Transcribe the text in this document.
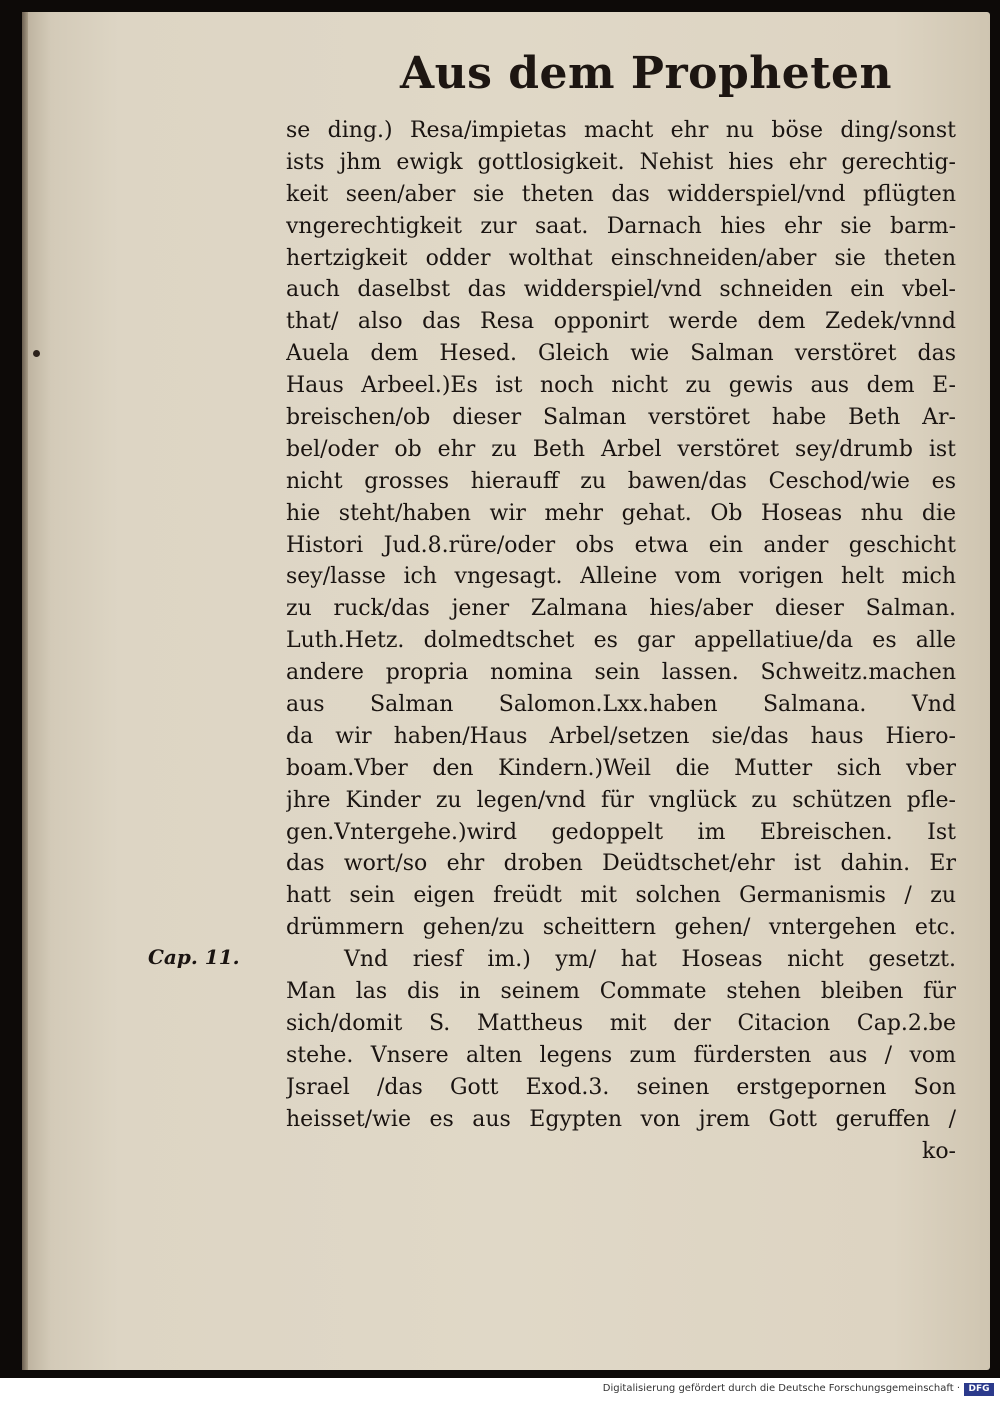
Aus dem Propheten
Cap. 11.
se ding.) Resa/impietas macht ehr nu böse ding/sonst
ists jhm ewigk gottlosigkeit. Nehist hies ehr gerechtig-
keit seen/aber sie theten das widderspiel/vnd pflügten
vngerechtigkeit zur saat. Darnach hies ehr sie barm-
hertzigkeit odder wolthat einschneiden/aber sie theten
auch daselbst das widderspiel/vnd schneiden ein vbel-
that/ also das Resa opponirt werde dem Zedek/vnnd
Auela dem Hesed. Gleich wie Salman verstöret das
Haus Arbeel.)Es ist noch nicht zu gewis aus dem E-
breischen/ob dieser Salman verstöret habe Beth Ar-
bel/oder ob ehr zu Beth Arbel verstöret sey/drumb ist
nicht grosses hierauff zu bawen/das Ceschod/wie es
hie steht/haben wir mehr gehat. Ob Hoseas nhu die
Histori Jud.8.rüre/oder obs etwa ein ander geschicht
sey/lasse ich vngesagt. Alleine vom vorigen helt mich
zu ruck/das jener Zalmana hies/aber dieser Salman.
Luth.Hetz. dolmedtschet es gar appellatiue/da es alle
andere propria nomina sein lassen. Schweitz.machen
aus Salman Salomon.Lxx.haben Salmana. Vnd
da wir haben/Haus Arbel/setzen sie/das haus Hiero-
boam.Vber den Kindern.)Weil die Mutter sich vber
jhre Kinder zu legen/vnd für vnglück zu schützen pfle-
gen.Vntergehe.)wird gedoppelt im Ebreischen. Ist
das wort/so ehr droben Deüdtschet/ehr ist dahin. Er
hatt sein eigen freüdt mit solchen Germanismis / zu
drümmern gehen/zu scheittern gehen/ vntergehen etc.
Vnd riesf im.) ym/ hat Hoseas nicht gesetzt.
Man las dis in seinem Commate stehen bleiben für
sich/domit S. Mattheus mit der Citacion Cap.2.be
stehe. Vnsere alten legens zum fürdersten aus / vom
Jsrael /das Gott Exod.3. seinen erstgepornen Son
heisset/wie es aus Egypten von jrem Gott geruffen /
ko-
Digitalisierung gefördert durch die Deutsche Forschungsgemeinschaft · DFG
